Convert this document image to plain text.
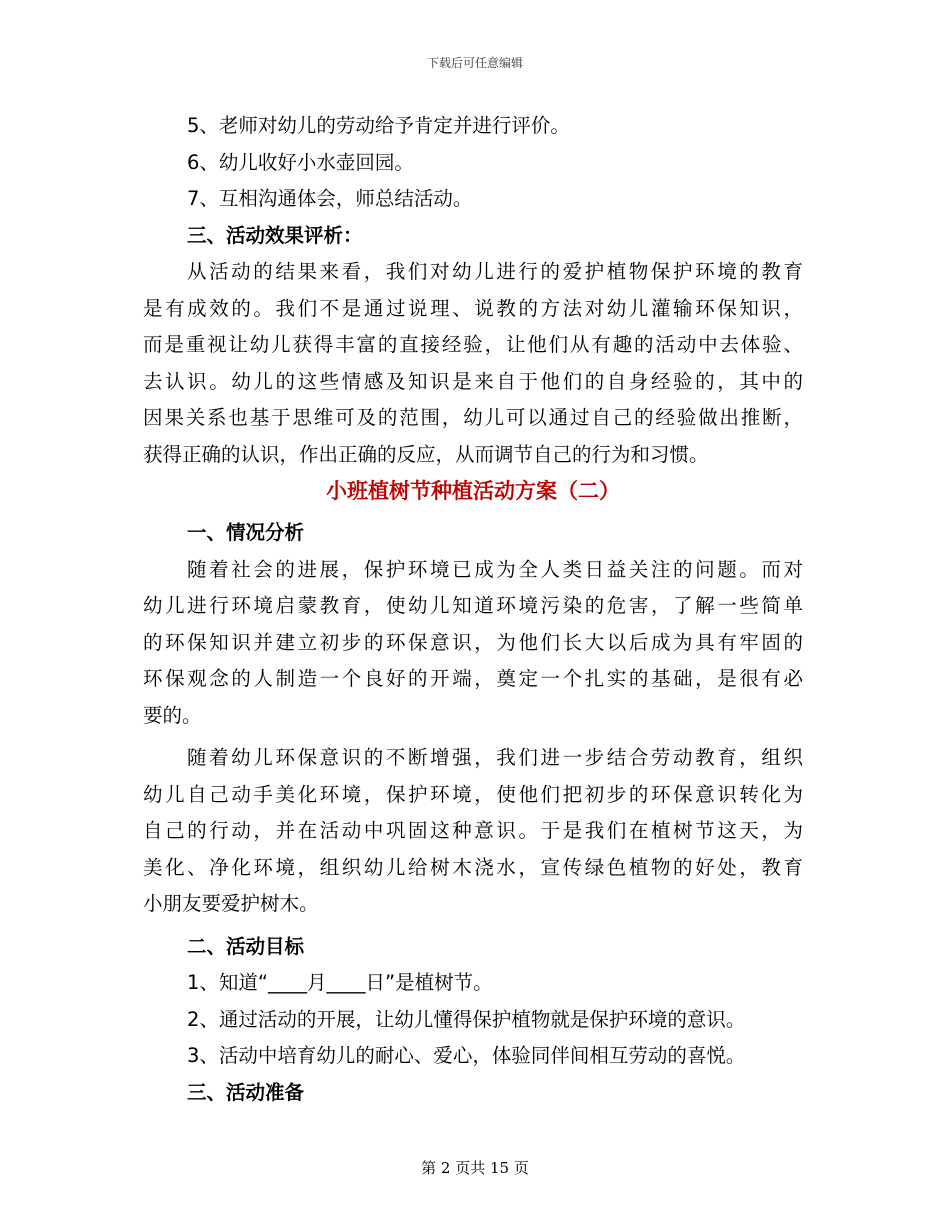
下载后可任意编辑
5、老师对幼儿的劳动给予肯定并进行评价。
6、幼儿收好小水壶回园。
7、互相沟通体会，师总结活动。
三、活动效果评析：
从活动的结果来看，我们对幼儿进行的爱护植物保护环境的教育
是有成效的。我们不是通过说理、说教的方法对幼儿灌输环保知识，
而是重视让幼儿获得丰富的直接经验，让他们从有趣的活动中去体验、
去认识。幼儿的这些情感及知识是来自于他们的自身经验的，其中的
因果关系也基于思维可及的范围，幼儿可以通过自己的经验做出推断，
获得正确的认识，作出正确的反应，从而调节自己的行为和习惯。
小班植树节种植活动方案（二）
一、情况分析
随着社会的进展，保护环境已成为全人类日益关注的问题。而对
幼儿进行环境启蒙教育，使幼儿知道环境污染的危害，了解一些简单
的环保知识并建立初步的环保意识，为他们长大以后成为具有牢固的
环保观念的人制造一个良好的开端，奠定一个扎实的基础，是很有必
要的。
随着幼儿环保意识的不断增强，我们进一步结合劳动教育，组织
幼儿自己动手美化环境，保护环境，使他们把初步的环保意识转化为
自己的行动，并在活动中巩固这种意识。于是我们在植树节这天，为
美化、净化环境，组织幼儿给树木浇水，宣传绿色植物的好处，教育
小朋友要爱护树木。
二、活动目标
1、知道“____月____日”是植树节。
2、通过活动的开展，让幼儿懂得保护植物就是保护环境的意识。
3、活动中培育幼儿的耐心、爱心，体验同伴间相互劳动的喜悦。
三、活动准备
第 2 页共 15 页
